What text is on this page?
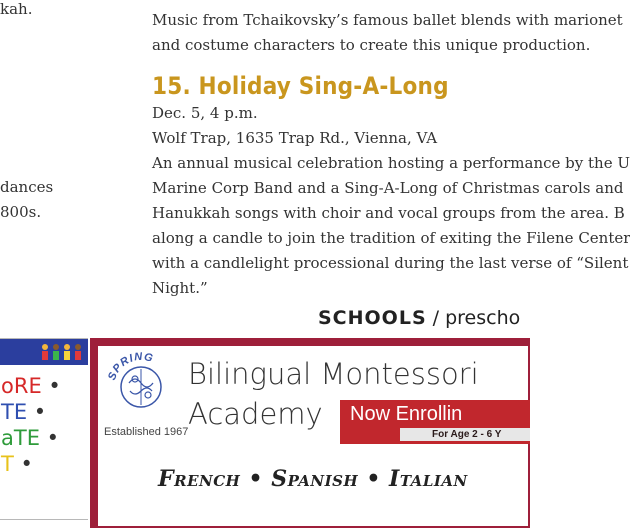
kah.
dances
800s.
Music from Tchaikovsky’s famous ballet blends with marionet
and costume characters to create this unique production.
15. Holiday Sing-A-Long
Dec. 5, 4 p.m.
Wolf Trap, 1635 Trap Rd., Vienna, VA
An annual musical celebration hosting a performance by the U
Marine Corp Band and a Sing-A-Long of Christmas carols and
Hanukkah songs with choir and vocal groups from the area. B
along a candle to join the tradition of exiting the Filene Center
with a candlelight processional during the last verse of “Silent
Night.”
SCHOOLS / prescho
oRE •
TE •
aTE •
T •
SPRING
Established 1967
Bilingual Montessori
Academy Now Enrollin
For Age 2 - 6 Y
French • Spanish • Italian
